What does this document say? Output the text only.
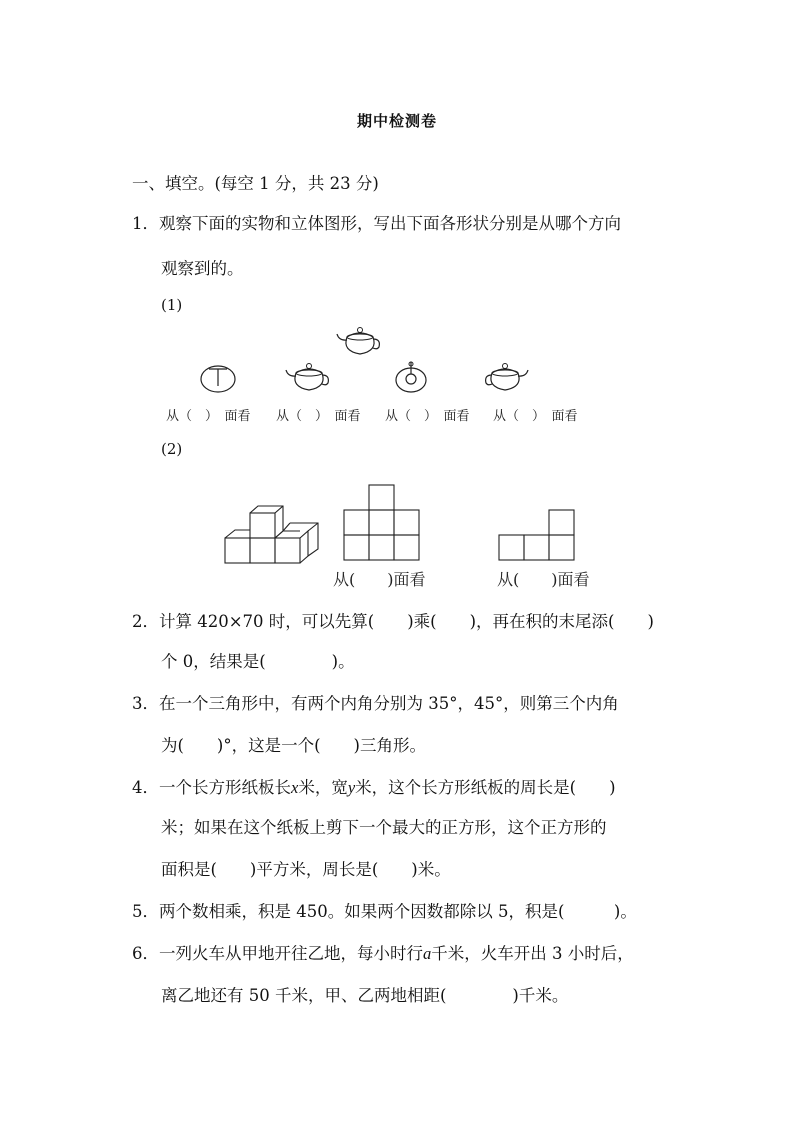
期中检测卷
一、填空。(每空 1 分，共 23 分)
1．观察下面的实物和立体图形，写出下面各形状分别是从哪个方向
观察到的。
(1)
从（　）　面看 从（　）　面看 从（　）　面看 从（　）　面看
(2)
从(　　)面看	从(　　)面看
2．计算 420×70 时，可以先算(　　)乘(　　)，再在积的末尾添(　　)
个 0，结果是(　　　　)。
3．在一个三角形中，有两个内角分别为 35°，45°，则第三个内角
为(　　)°，这是一个(　　)三角形。
4．一个长方形纸板长x米，宽y米，这个长方形纸板的周长是(　　)
米；如果在这个纸板上剪下一个最大的正方形，这个正方形的
面积是(　　)平方米，周长是(　　)米。
5．两个数相乘，积是 450。如果两个因数都除以 5，积是(　　　)。
6．一列火车从甲地开往乙地，每小时行a千米，火车开出 3 小时后，
离乙地还有 50 千米，甲、乙两地相距(　　　　)千米。
